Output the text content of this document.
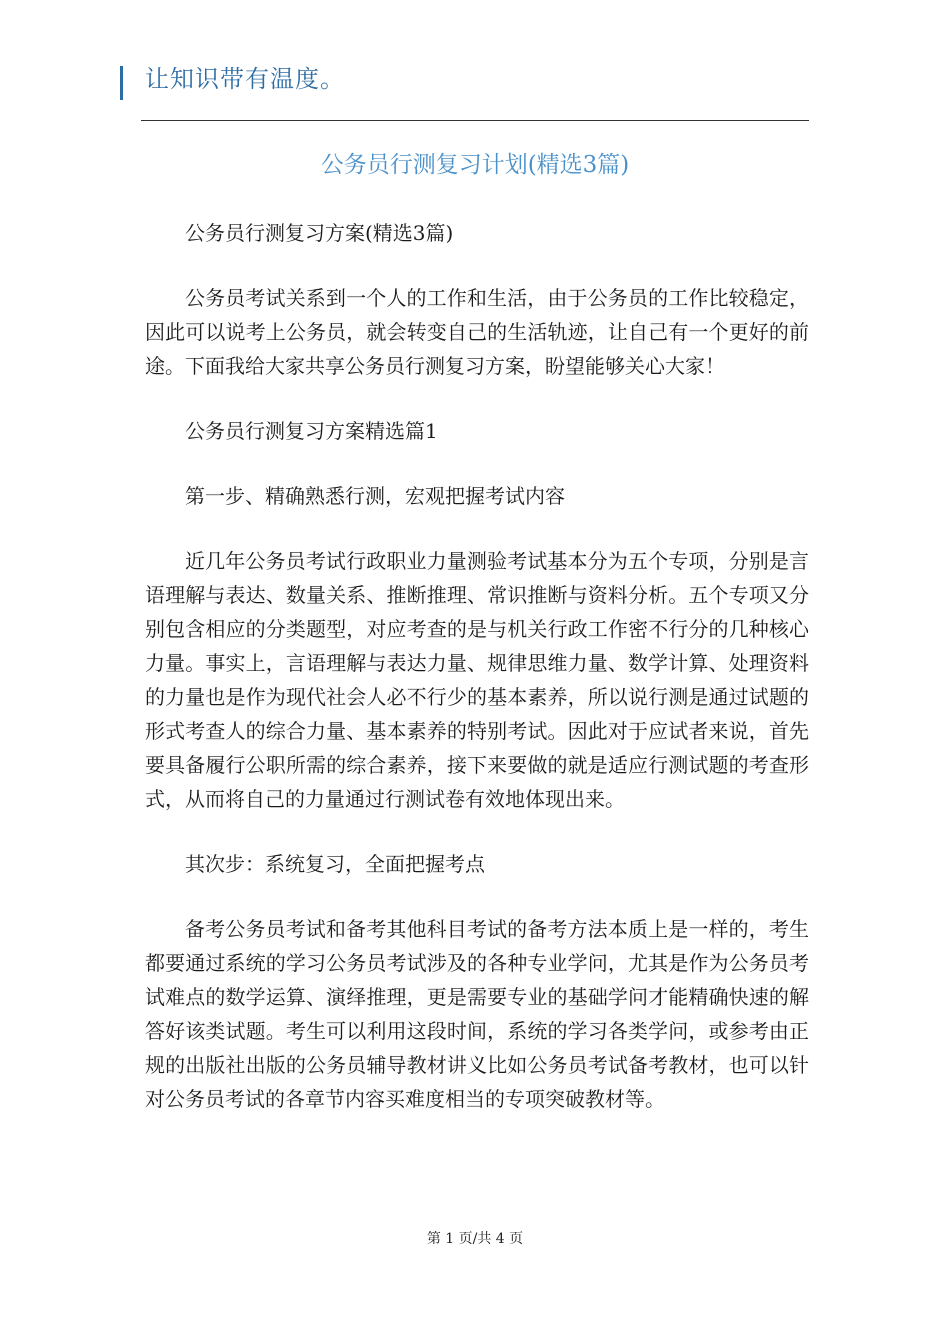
让知识带有温度。
公务员行测复习计划(精选3篇)

公务员行测复习方案(精选3篇)

公务员考试关系到一个人的工作和生活，由于公务员的工作比较稳定，因此可以说考上公务员，就会转变自己的生活轨迹，让自己有一个更好的前途。下面我给大家共享公务员行测复习方案，盼望能够关心大家！

公务员行测复习方案精选篇1

第一步、精确熟悉行测，宏观把握考试内容

近几年公务员考试行政职业力量测验考试基本分为五个专项，分别是言语理解与表达、数量关系、推断推理、常识推断与资料分析。五个专项又分别包含相应的分类题型，对应考查的是与机关行政工作密不行分的几种核心力量。事实上，言语理解与表达力量、规律思维力量、数学计算、处理资料的力量也是作为现代社会人必不行少的基本素养，所以说行测是通过试题的形式考查人的综合力量、基本素养的特别考试。因此对于应试者来说，首先要具备履行公职所需的综合素养，接下来要做的就是适应行测试题的考查形式，从而将自己的力量通过行测试卷有效地体现出来。

其次步：系统复习，全面把握考点

备考公务员考试和备考其他科目考试的备考方法本质上是一样的，考生都要通过系统的学习公务员考试涉及的各种专业学问，尤其是作为公务员考试难点的数学运算、演绎推理，更是需要专业的基础学问才能精确快速的解答好该类试题。考生可以利用这段时间，系统的学习各类学问，或参考由正规的出版社出版的公务员辅导教材讲义比如公务员考试备考教材，也可以针对公务员考试的各章节内容买难度相当的专项突破教材等。

第 1 页/共 4 页
